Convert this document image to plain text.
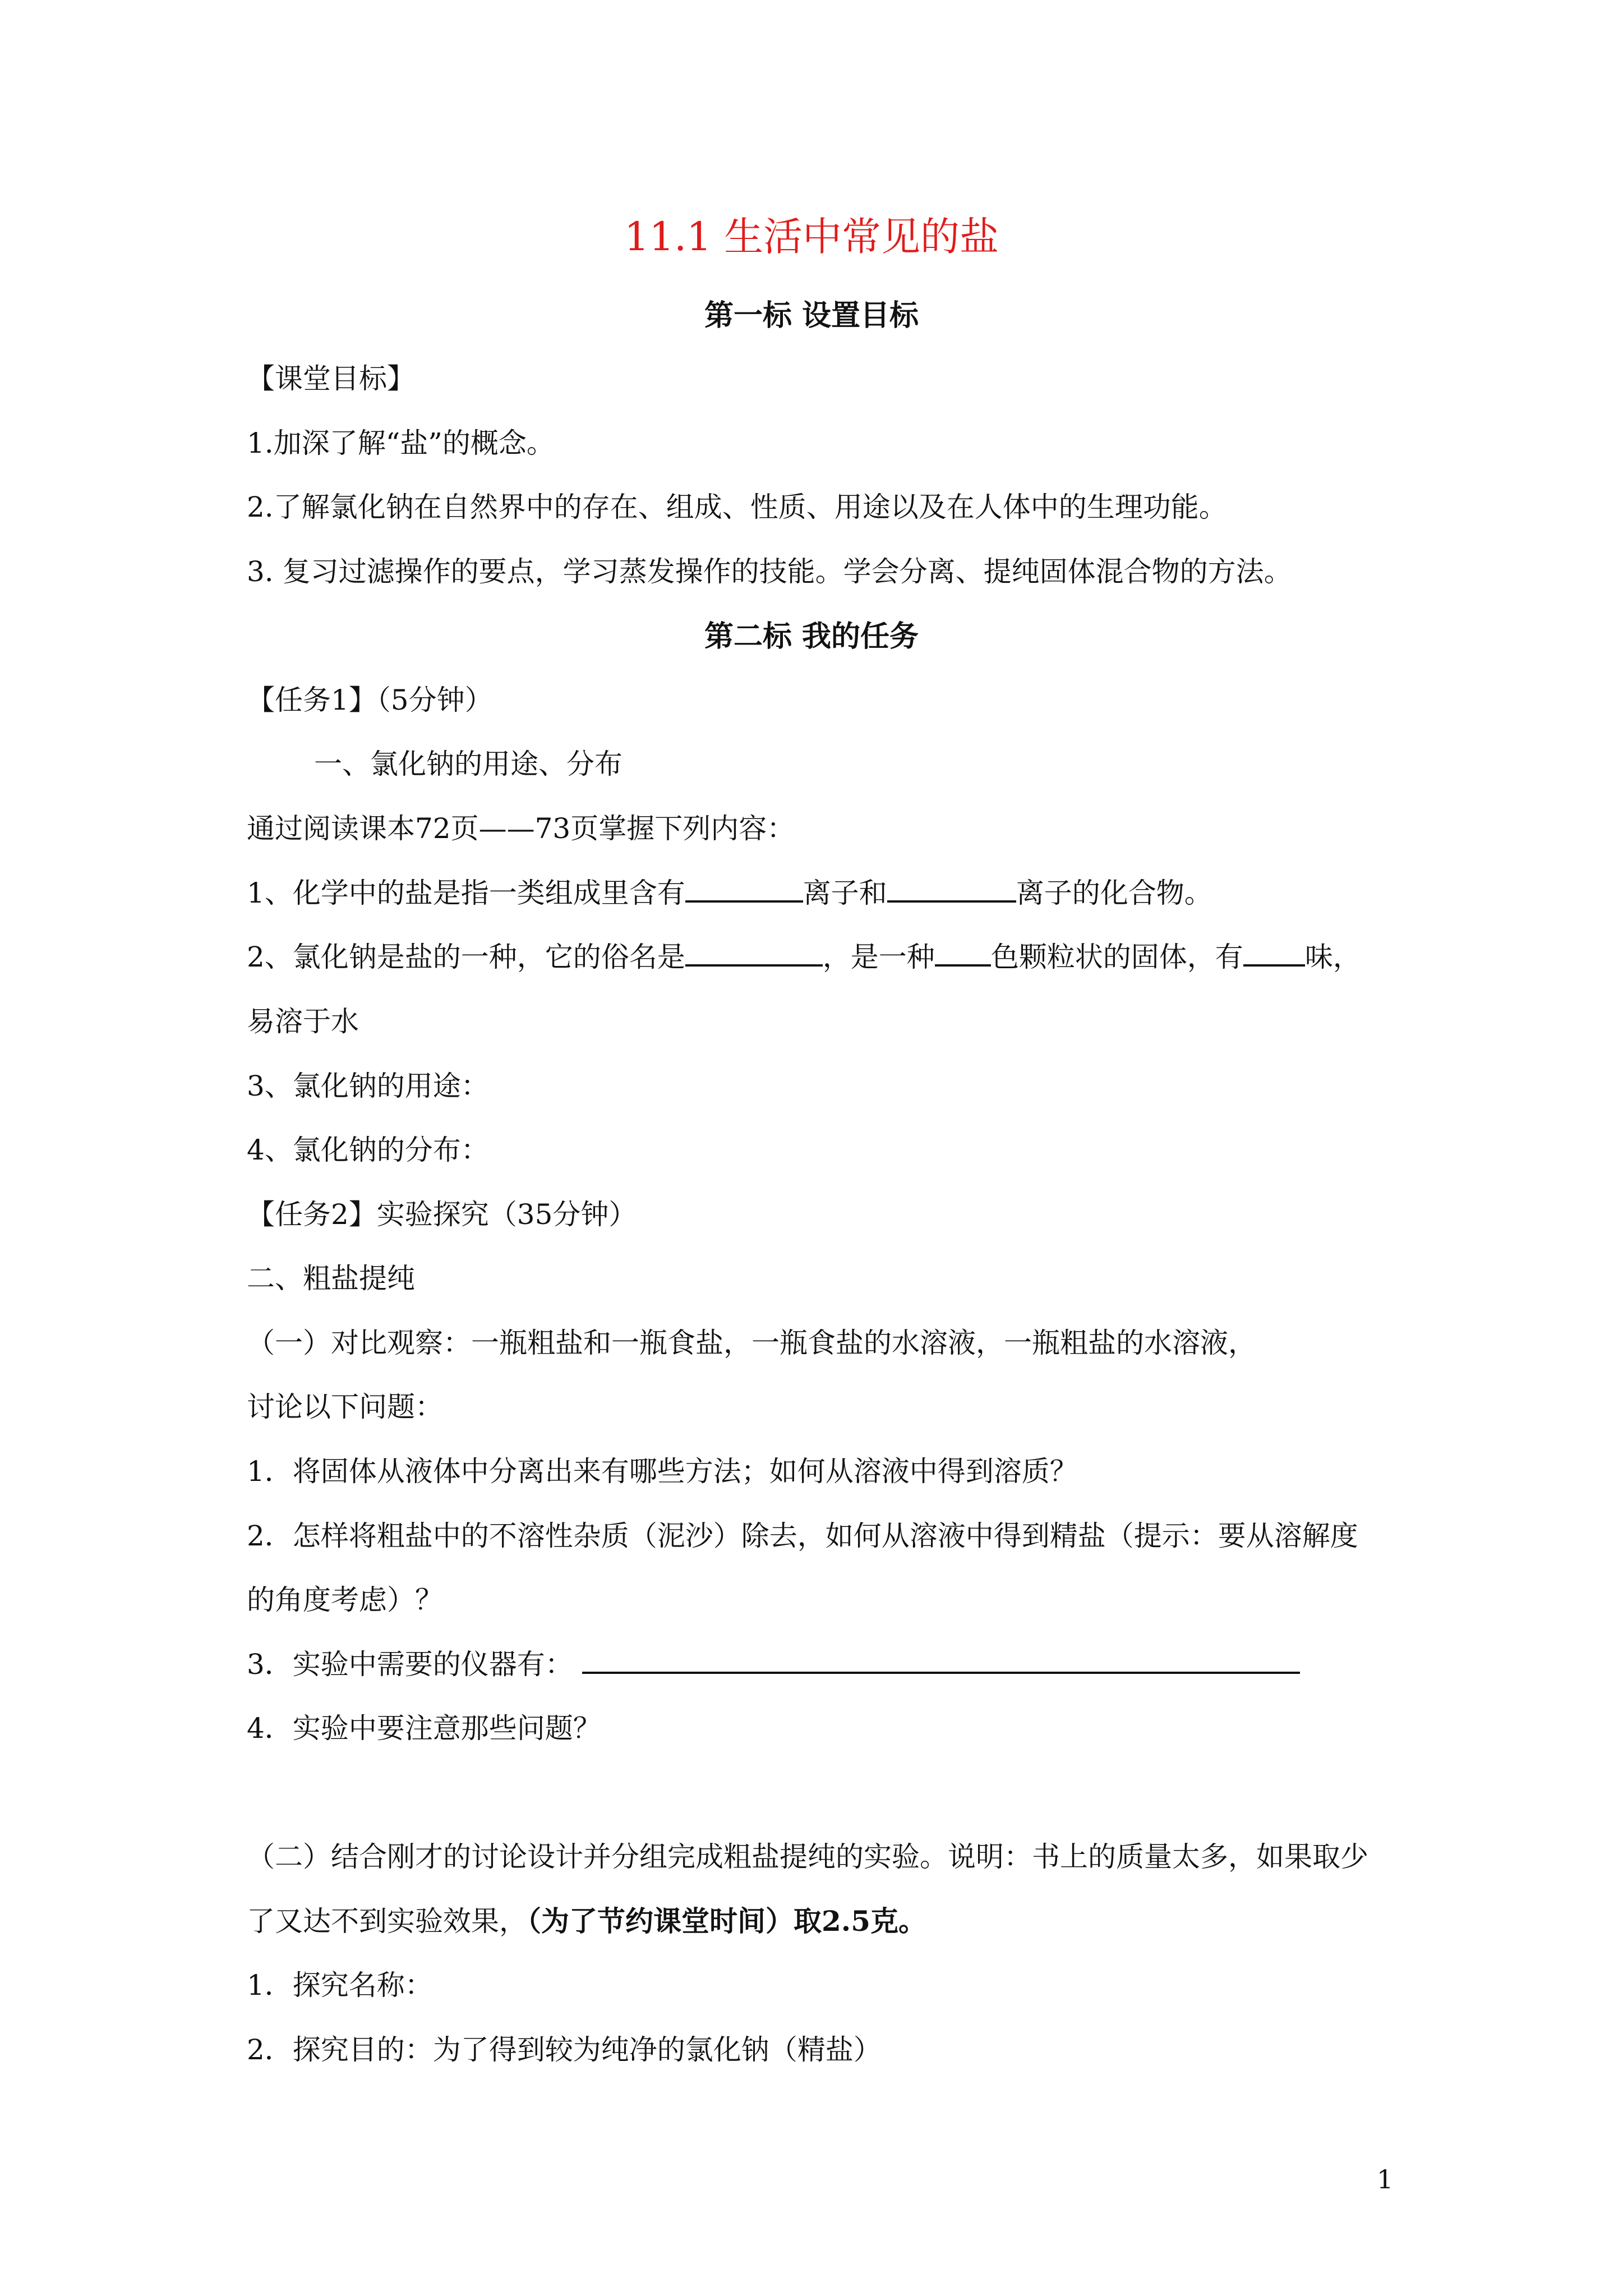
11.1 生活中常见的盐
第一标 设置目标
【课堂目标】
1.加深了解“盐”的概念。
2.了解氯化钠在自然界中的存在、组成、性质、用途以及在人体中的生理功能。
3. 复习过滤操作的要点，学习蒸发操作的技能。学会分离、提纯固体混合物的方法。
第二标 我的任务
【任务1】（5分钟）
一、氯化钠的用途、分布
通过阅读课本72页——73页掌握下列内容：
1、化学中的盐是指一类组成里含有	离子和	离子的化合物。
2、氯化钠是盐的一种，它的俗名是	，是一种 色颗粒状的固体，有 味，
易溶于水
3、氯化钠的用途：
4、氯化钠的分布：
【任务2】实验探究（35分钟）
二、粗盐提纯
（一）对比观察：一瓶粗盐和一瓶食盐，一瓶食盐的水溶液，一瓶粗盐的水溶液，
讨论以下问题：
1．将固体从液体中分离出来有哪些方法；如何从溶液中得到溶质？
2．怎样将粗盐中的不溶性杂质（泥沙）除去，如何从溶液中得到精盐（提示：要从溶解度
的角度考虑）？
3．实验中需要的仪器有：
4．实验中要注意那些问题？
（二）结合刚才的讨论设计并分组完成粗盐提纯的实验。说明：书上的质量太多，如果取少
了又达不到实验效果，（为了节约课堂时间）取2.5克。
1．探究名称：
2．探究目的：为了得到较为纯净的氯化钠（精盐）
1
